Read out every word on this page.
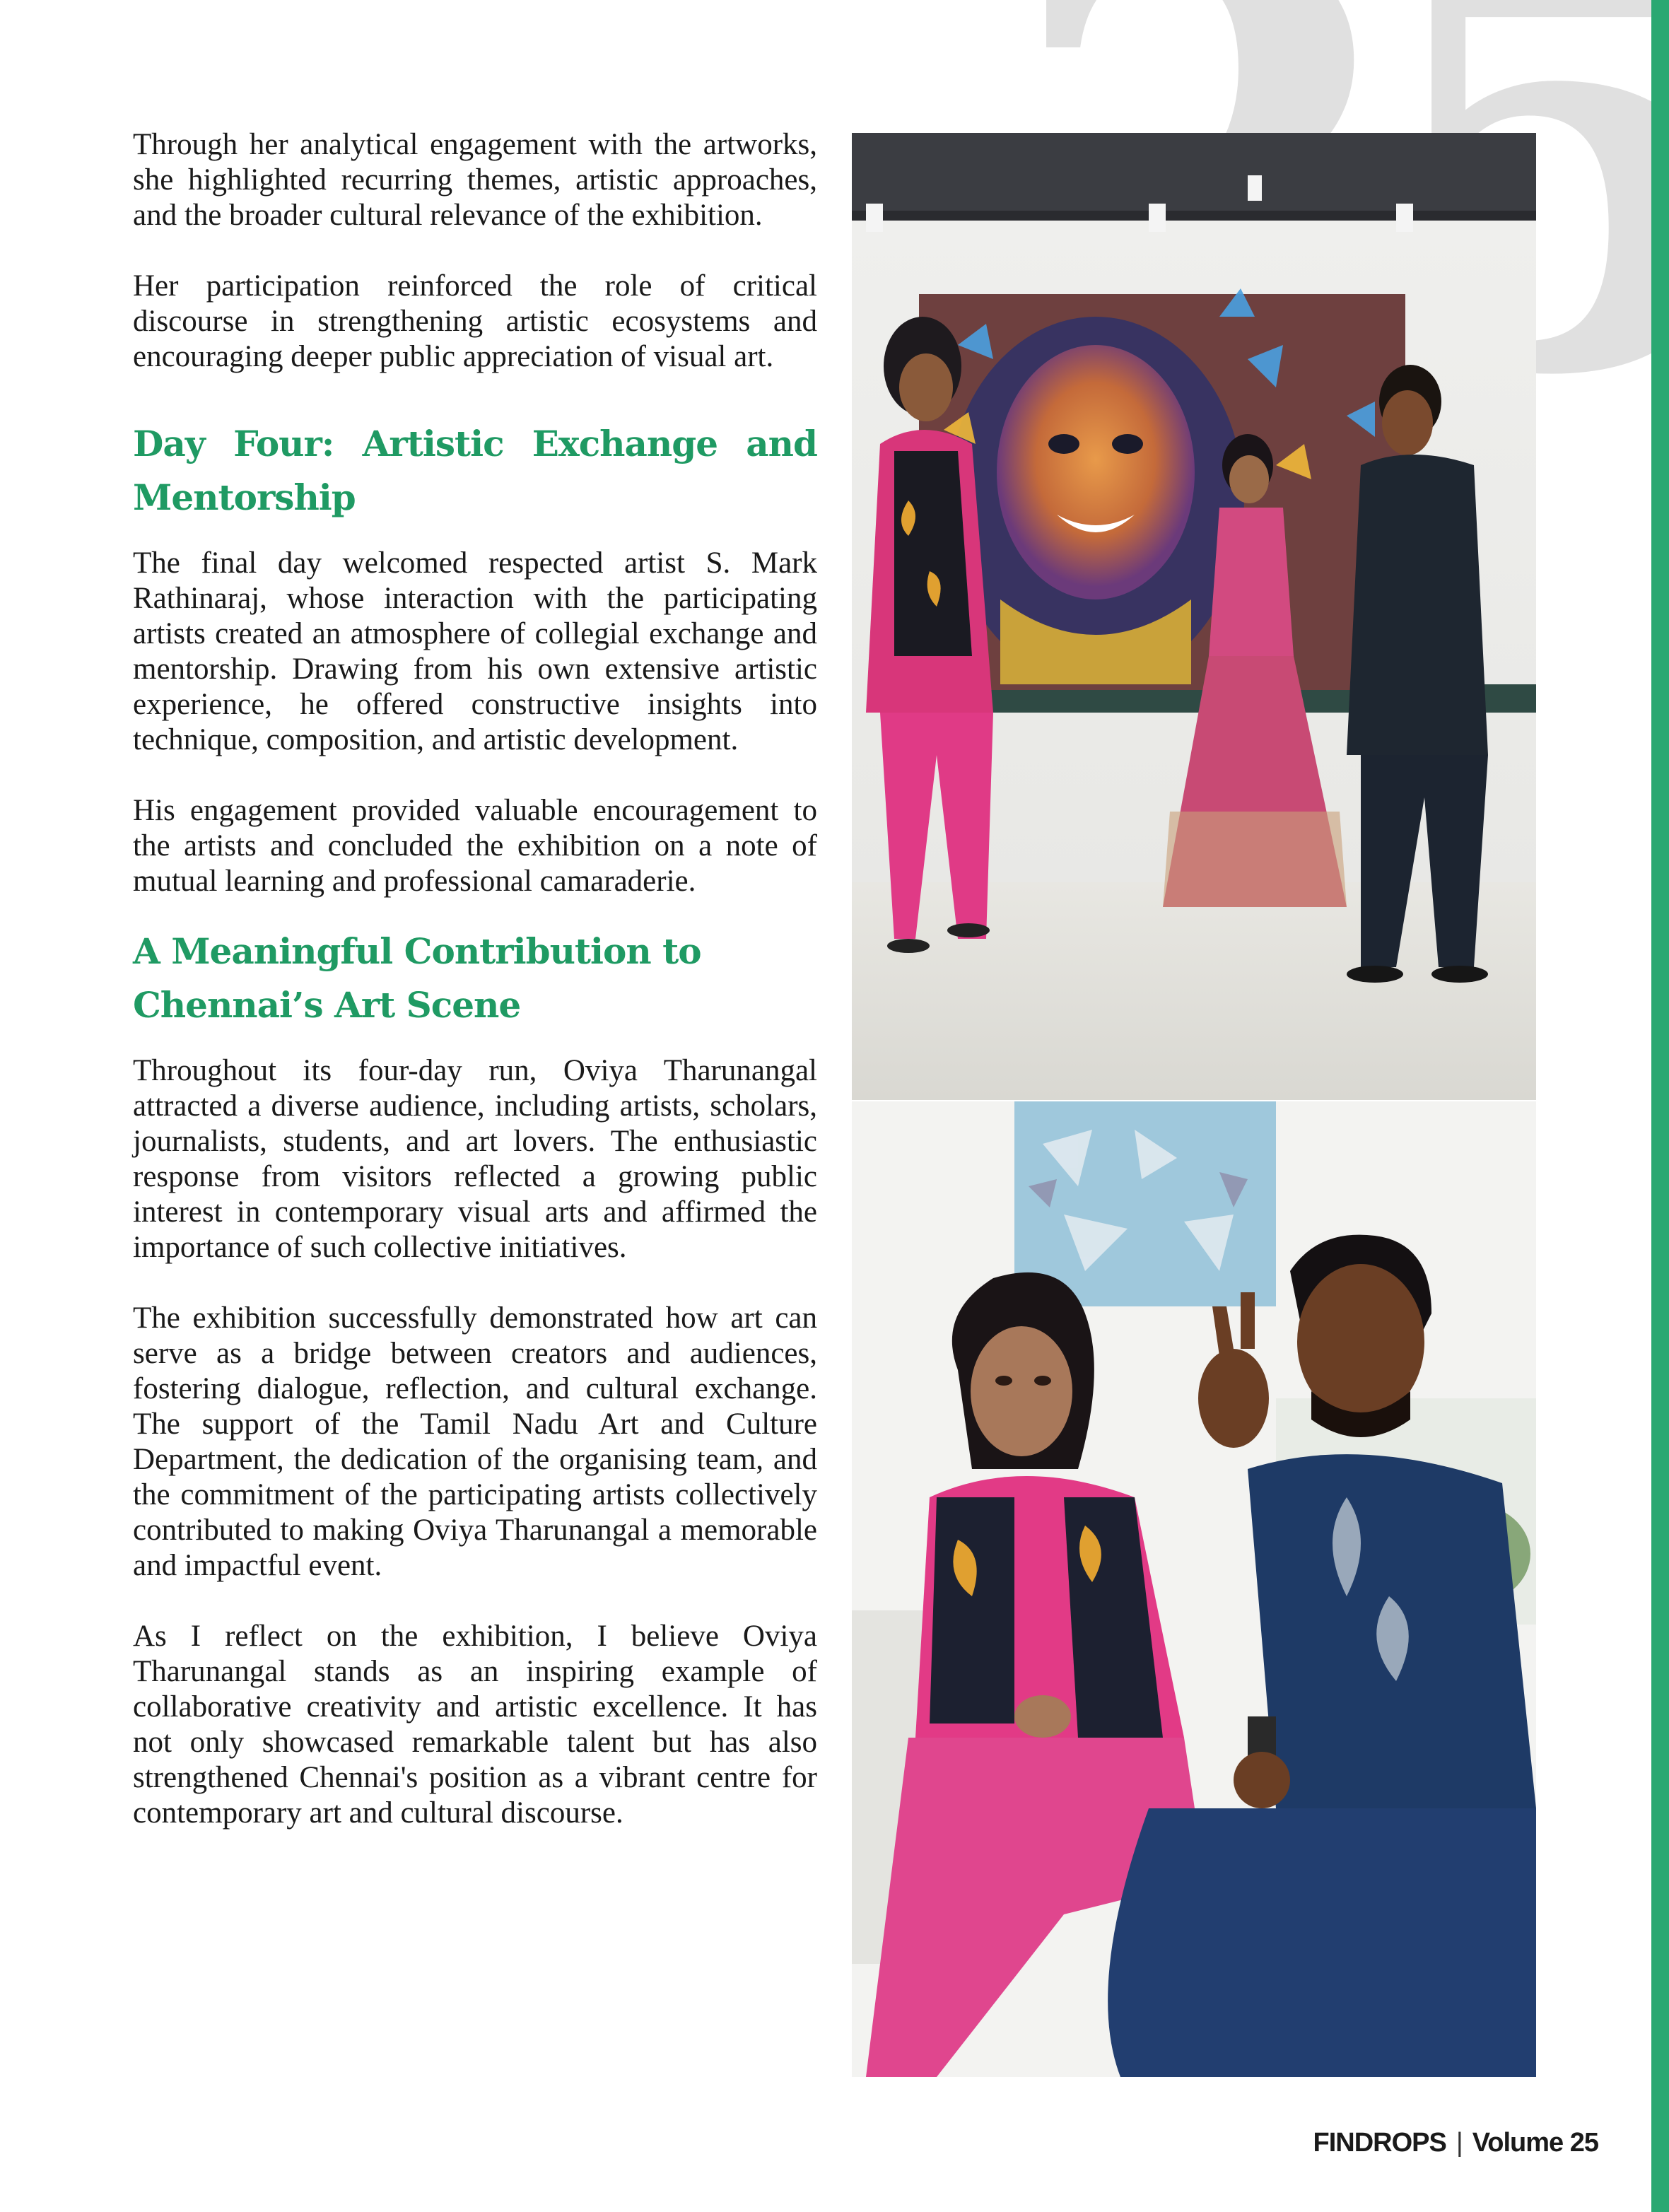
Through her analytical engagement with the artworks, she highlighted recurring themes, artistic approaches, and the broader cultural relevance of the exhibition.

Her participation reinforced the role of critical discourse in strengthening artistic ecosystems and encouraging deeper public appreciation of visual art.

Day Four: Artistic Exchange and Mentorship

The final day welcomed respected artist S. Mark Rathinaraj, whose interaction with the participating artists created an atmosphere of collegial exchange and mentorship. Drawing from his own extensive artistic experience, he offered constructive insights into technique, composition, and artistic development.

His engagement provided valuable encouragement to the artists and concluded the exhibition on a note of mutual learning and professional camaraderie.

A Meaningful Contribution to
Chennai’s Art Scene

Throughout its four-day run, Oviya Tharunangal attracted a diverse audience, including artists, scholars, journalists, students, and art lovers. The enthusiastic response from visitors reflected a growing public interest in contemporary visual arts and affirmed the importance of such collective initiatives.

The exhibition successfully demonstrated how art can serve as a bridge between creators and audiences, fostering dialogue, reflection, and cultural exchange. The support of the Tamil Nadu Art and Culture Department, the dedication of the organising team, and the commitment of the participating artists collectively contributed to making Oviya Tharunangal a memorable and impactful event.

As I reflect on the exhibition, I believe Oviya Tharunangal stands as an inspiring example of collaborative creativity and artistic excellence. It has not only showcased remarkable talent but has also strengthened Chennai's position as a vibrant centre for contemporary art and cultural discourse.

FINDROPS | Volume 25
